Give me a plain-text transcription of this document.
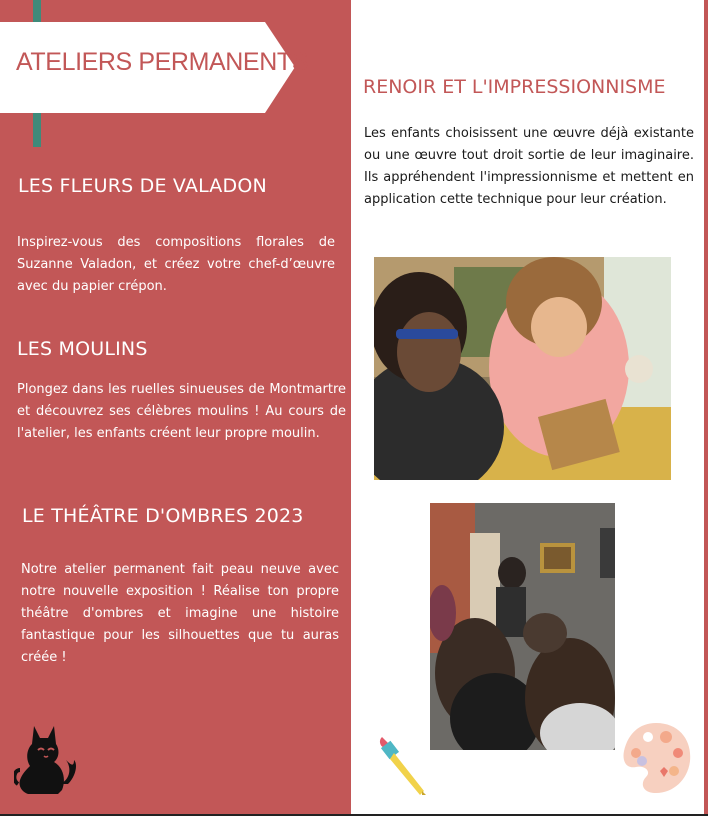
ATELIERS PERMANENTS
LES FLEURS DE VALADON
Inspirez-vous des compositions florales de Suzanne Valadon, et créez votre chef-d’œuvre avec du papier crépon.
LES MOULINS
Plongez dans les ruelles sinueuses de Montmartre et découvrez ses célèbres moulins ! Au cours de l'atelier, les enfants créent leur propre moulin.
LE THÉÂTRE D'OMBRES 2023
Notre atelier permanent fait peau neuve avec notre nouvelle exposition ! Réalise ton propre théâtre d'ombres et imagine une histoire fantastique pour les silhouettes que tu auras créée !
RENOIR ET L'IMPRESSIONNISME
Les enfants choisissent une œuvre déjà existante ou une œuvre tout droit sortie de leur imaginaire. Ils appréhendent l'impressionnisme et mettent en application cette technique pour leur création.
